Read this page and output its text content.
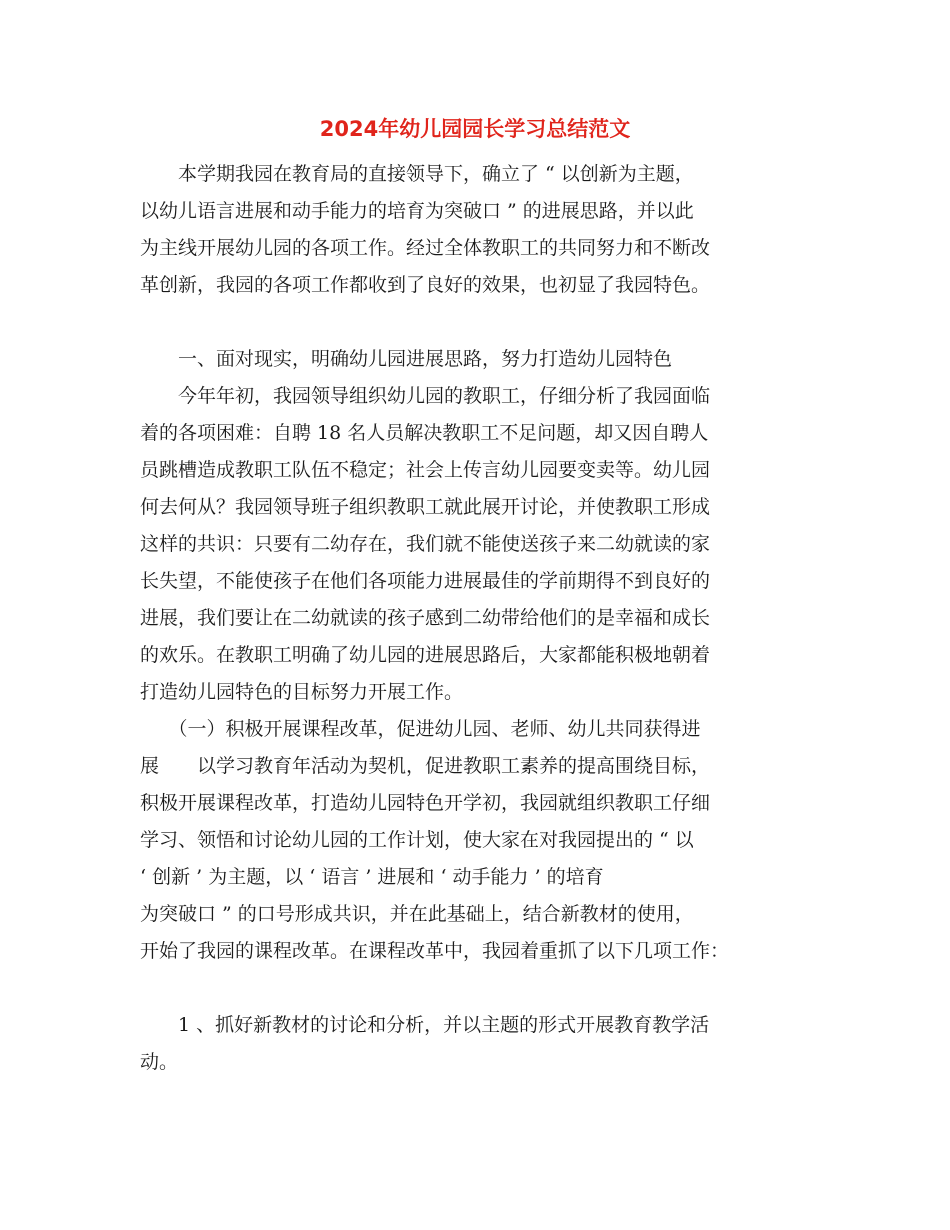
2024年幼儿园园长学习总结范文
　　本学期我园在教育局的直接领导下，确立了 “ 以创新为主题，
以幼儿语言进展和动手能力的培育为突破口 ” 的进展思路，并以此
为主线开展幼儿园的各项工作。经过全体教职工的共同努力和不断改
革创新，我园的各项工作都收到了良好的效果，也初显了我园特色。
　　一、面对现实，明确幼儿园进展思路，努力打造幼儿园特色
　　今年年初，我园领导组织幼儿园的教职工，仔细分析了我园面临
着的各项困难：自聘 18 名人员解决教职工不足问题，却又因自聘人
员跳槽造成教职工队伍不稳定；社会上传言幼儿园要变卖等。幼儿园
何去何从？我园领导班子组织教职工就此展开讨论，并使教职工形成
这样的共识：只要有二幼存在，我们就不能使送孩子来二幼就读的家
长失望，不能使孩子在他们各项能力进展最佳的学前期得不到良好的
进展，我们要让在二幼就读的孩子感到二幼带给他们的是幸福和成长
的欢乐。在教职工明确了幼儿园的进展思路后，大家都能积极地朝着
打造幼儿园特色的目标努力开展工作。
　　（一）积极开展课程改革，促进幼儿园、老师、幼儿共同获得进
展　　以学习教育年活动为契机，促进教职工素养的提高围绕目标，
积极开展课程改革，打造幼儿园特色开学初，我园就组织教职工仔细
学习、领悟和讨论幼儿园的工作计划，使大家在对我园提出的 “ 以
‘ 创新 ’ 为主题，以 ‘ 语言 ’ 进展和 ‘ 动手能力 ’ 的培育
为突破口 ” 的口号形成共识，并在此基础上，结合新教材的使用，
开始了我园的课程改革。在课程改革中，我园着重抓了以下几项工作：
　　1 、抓好新教材的讨论和分析，并以主题的形式开展教育教学活
动。
